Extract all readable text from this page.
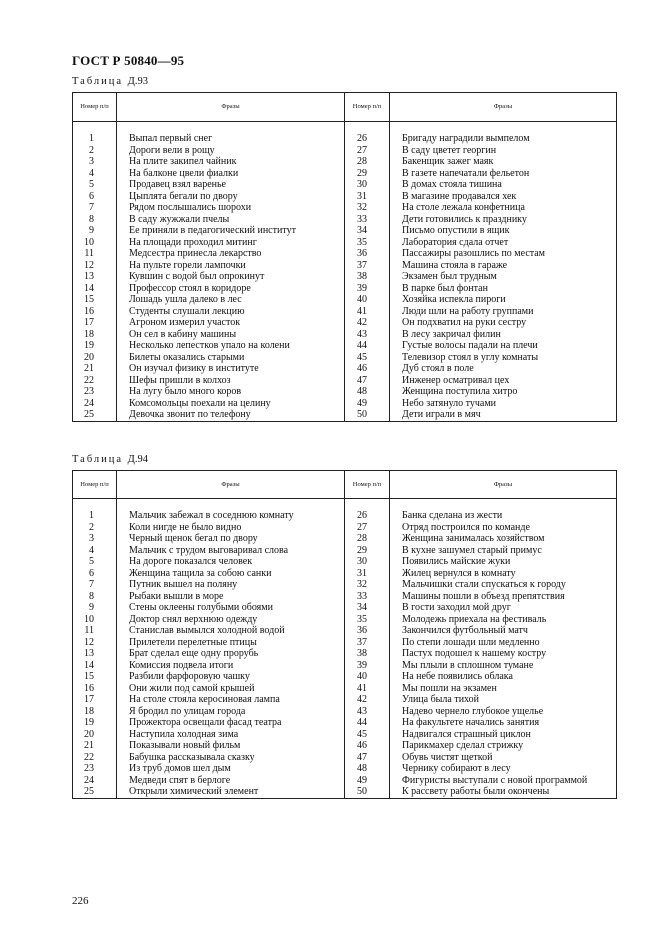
ГОСТ Р 50840—95
Таблица Д.93
Номер п/п	Фразы	Номер п/п	Фразы

1	Выпал первый снег	26	Бригаду наградили вымпелом
2	Дороги вели в рощу	27	В саду цветет георгин
3	На плите закипел чайник	28	Бакенщик зажег маяк
4	На балконе цвели фиалки	29	В газете напечатали фельетон
5	Продавец взял варенье	30	В домах стояла тишина
6	Цыплята бегали по двору	31	В магазине продавался хек
7	Рядом послышались шорохи	32	На столе лежала конфетница
8	В саду жужжали пчелы	33	Дети готовились к празднику
9	Ее приняли в педагогический институт	34	Письмо опустили в ящик
10	На площади проходил митинг	35	Лаборатория сдала отчет
11	Медсестра принесла лекарство	36	Пассажиры разошлись по местам
12	На пульте горели лампочки	37	Машина стояла в гараже
13	Кувшин с водой был опрокинут	38	Экзамен был трудным
14	Профессор стоял в коридоре	39	В парке был фонтан
15	Лошадь ушла далеко в лес	40	Хозяйка испекла пироги
16	Студенты слушали лекцию	41	Люди шли на работу группами
17	Агроном измерил участок	42	Он подхватил на руки сестру
18	Он сел в кабину машины	43	В лесу закричал филин
19	Несколько лепестков упало на колени	44	Густые волосы падали на плечи
20	Билеты оказались старыми	45	Телевизор стоял в углу комнаты
21	Он изучал физику в институте	46	Дуб стоял в поле
22	Шефы пришли в колхоз	47	Инженер осматривал цех
23	На лугу было много коров	48	Женщина поступила хитро
24	Комсомольцы поехали на целину	49	Небо затянуло тучами
25	Девочка звонит по телефону	50	Дети играли в мяч
Таблица Д.94
Номер п/п	Фразы	Номер п/п	Фразы

1	Мальчик забежал в соседнюю комнату	26	Банка сделана из жести
2	Коли нигде не было видно	27	Отряд построился по команде
3	Черный щенок бегал по двору	28	Женщина занималась хозяйством
4	Мальчик с трудом выговаривал слова	29	В кухне зашумел старый примус
5	На дороге показался человек	30	Появились майские жуки
6	Женщина тащила за собою санки	31	Жилец вернулся в комнату
7	Путник вышел на поляну	32	Мальчишки стали спускаться к городу
8	Рыбаки вышли в море	33	Машины пошли в объезд препятствия
9	Стены оклеены голубыми обоями	34	В гости заходил мой друг
10	Доктор снял верхнюю одежду	35	Молодежь приехала на фестиваль
11	Станислав вымылся холодной водой	36	Закончился футбольный матч
12	Прилетели перелетные птицы	37	По степи лошади шли медленно
13	Брат сделал еще одну прорубь	38	Пастух подошел к нашему костру
14	Комиссия подвела итоги	39	Мы плыли в сплошном тумане
15	Разбили фарфоровую чашку	40	На небе появились облака
16	Они жили под самой крышей	41	Мы пошли на экзамен
17	На столе стояла керосиновая лампа	42	Улица была тихой
18	Я бродил по улицам города	43	Надево чернело глубокое ущелье
19	Прожектора освещали фасад театра	44	На факультете начались занятия
20	Наступила холодная зима	45	Надвигался страшный циклон
21	Показывали новый фильм	46	Парикмахер сделал стрижку
22	Бабушка рассказывала сказку	47	Обувь чистят щеткой
23	Из труб домов шел дым	48	Чернику собирают в лесу
24	Медведи спят в берлоге	49	Фигуристы выступали с новой программой
25	Открыли химический элемент	50	К рассвету работы были окончены
226
